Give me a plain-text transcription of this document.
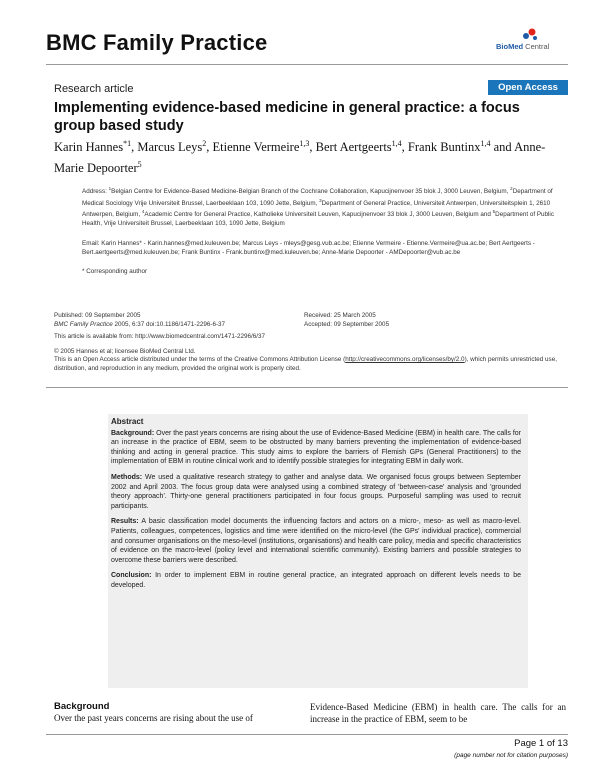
BMC Family Practice	BioMed Central
Research article	Open Access
Implementing evidence-based medicine in general practice: a focus group based study
Karin Hannes$^{*1}$, Marcus Leys$^2$, Etienne Vermeire$^{1,3}$, Bert Aertgeerts$^{1,4}$, Frank Buntinx$^{1,4}$ and Anne-Marie Depoorter$^5$
Address: $^1$Belgian Centre for Evidence-Based Medicine-Belgian Branch of the Cochrane Collaboration, Kapucijnenvoer 35 blok J, 3000 Leuven, Belgium, $^2$Department of Medical Sociology Vrije Universiteit Brussel, Laerbeeklaan 103, 1090 Jette, Belgium, $^3$Department of General Practice, Universiteit Antwerpen, Universiteitsplein 1, 2610 Antwerpen, Belgium, $^4$Academic Centre for General Practice, Katholieke Universiteit Leuven, Kapucijnenvoer 33 blok J, 3000 Leuven, Belgium and $^5$Department of Public Health, Vrije Universiteit Brussel, Laerbeeklaan 103, 1090 Jette, Belgium
Email: Karin Hannes* - Karin.hannes@med.kuleuven.be; Marcus Leys - mleys@gesg.vub.ac.be; Etienne Vermeire - Etienne.Vermeire@ua.ac.be; Bert Aertgeerts - Bert.aertgeerts@med.kuleuven.be; Frank Buntinx - Frank.buntinx@med.kuleuven.be; Anne-Marie Depoorter - AMDepoorter@vub.ac.be
* Corresponding author
Published: 09 September 2005	Received: 25 March 2005
BMC Family Practice 2005, 6:37 doi:10.1186/1471-2296-6-37	Accepted: 09 September 2005
This article is available from: http://www.biomedcentral.com/1471-2296/6/37
© 2005 Hannes et al; licensee BioMed Central Ltd.
This is an Open Access article distributed under the terms of the Creative Commons Attribution License (http://creativecommons.org/licenses/by/2.0), which permits unrestricted use, distribution, and reproduction in any medium, provided the original work is properly cited.
Abstract

Background: Over the past years concerns are rising about the use of Evidence-Based Medicine (EBM) in health care. The calls for an increase in the practice of EBM, seem to be obstructed by many barriers preventing the implementation of evidence-based thinking and acting in general practice. This study aims to explore the barriers of Flemish GPs (General Practitioners) to the implementation of EBM in routine clinical work and to identify possible strategies for integrating EBM in daily work.

Methods: We used a qualitative research strategy to gather and analyse data. We organised focus groups between September 2002 and April 2003. The focus group data were analysed using a combined strategy of 'between-case' analysis and 'grounded theory approach'. Thirty-one general practitioners participated in four focus groups. Purposeful sampling was used to recruit participants.

Results: A basic classification model documents the influencing factors and actors on a micro-, meso- as well as macro-level. Patients, colleagues, competences, logistics and time were identified on the micro-level (the GPs' individual practice), commercial and consumer organisations on the meso-level (institutions, organisations) and health care policy, media and specific characteristics of evidence on the macro-level (policy level and international scientific community). Existing barriers and possible strategies to overcome these barriers were described.

Conclusion: In order to implement EBM in routine general practice, an integrated approach on different levels needs to be developed.

Background
Over the past years concerns are rising about the use of
Evidence-Based Medicine (EBM) in health care. The calls for an increase in the practice of EBM, seem to be
Page 1 of 13
(page number not for citation purposes)
